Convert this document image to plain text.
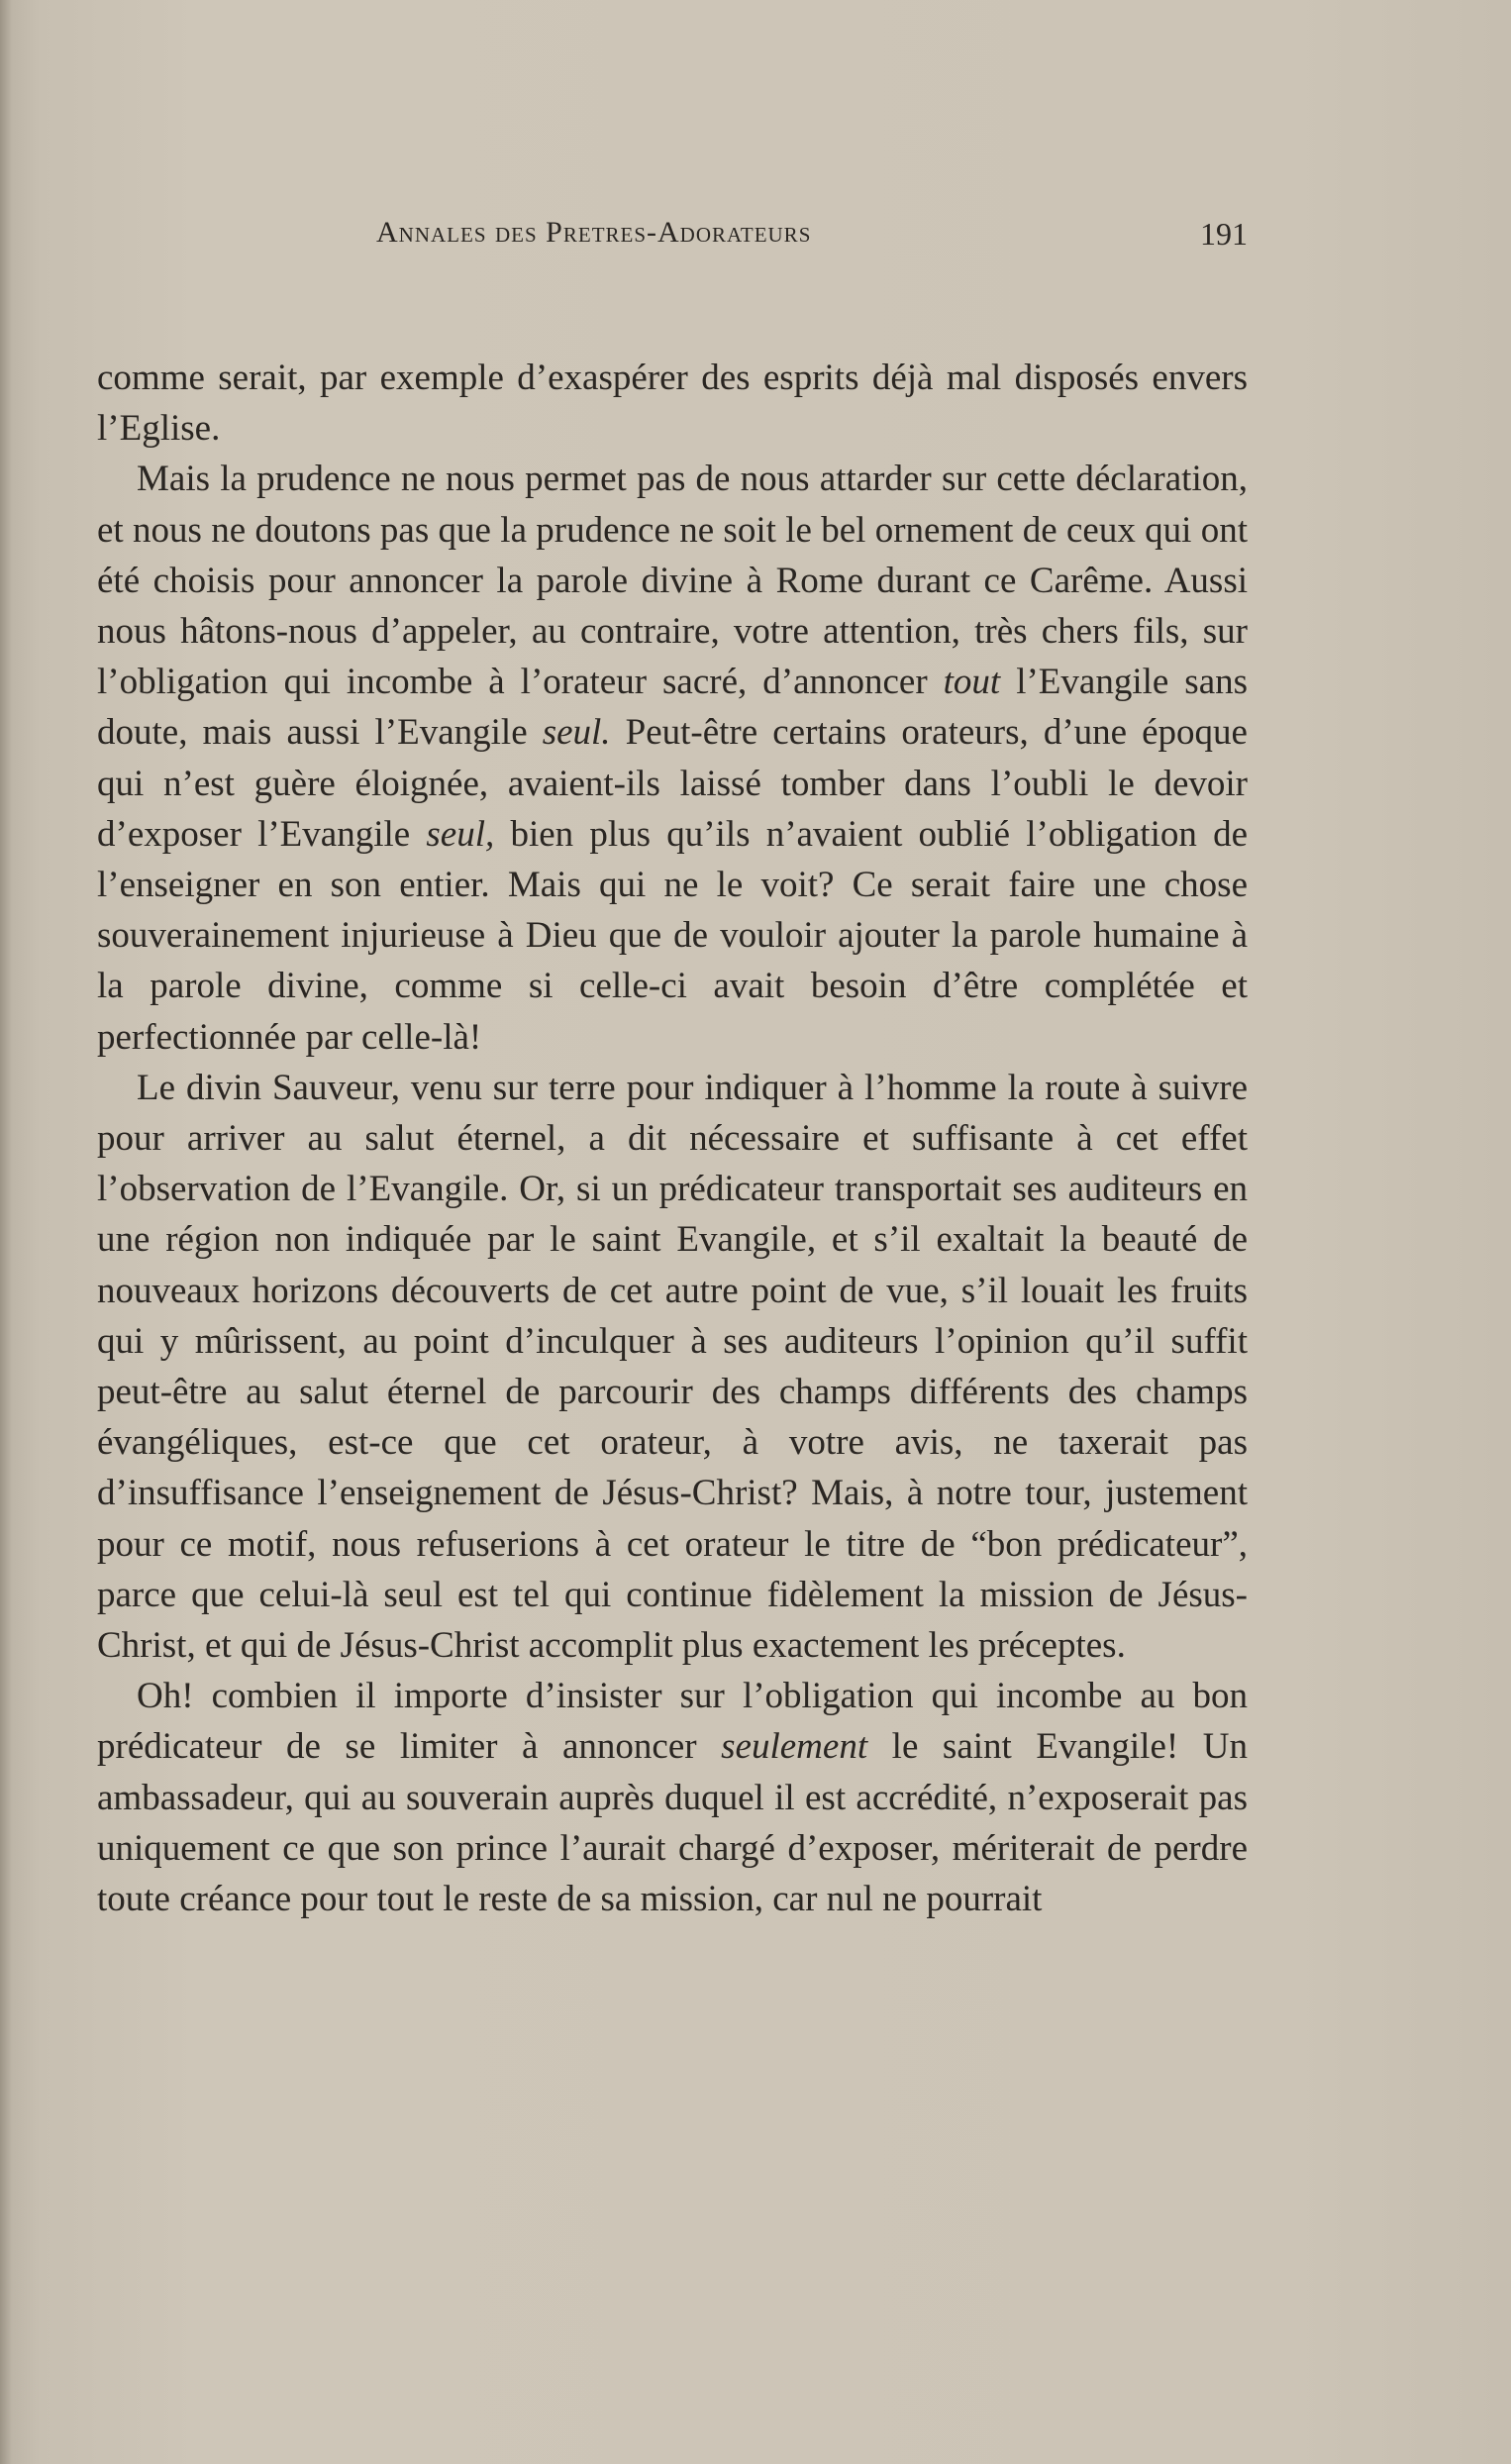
Annales des Pretres-Adorateurs	191

comme serait, par exemple d’exaspérer des esprits déjà mal disposés envers l’Eglise.

Mais la prudence ne nous permet pas de nous attarder sur cette déclaration, et nous ne doutons pas que la prudence ne soit le bel ornement de ceux qui ont été choisis pour annoncer la parole divine à Rome durant ce Carême. Aussi nous hâtons-nous d’appeler, au contraire, votre attention, très chers fils, sur l’obligation qui incombe à l’orateur sacré, d’annoncer tout l’Evangile sans doute, mais aussi l’Evangile seul. Peut-être certains orateurs, d’une époque qui n’est guère éloignée, avaient-ils laissé tomber dans l’oubli le devoir d’exposer l’Evangile seul, bien plus qu’ils n’avaient oublié l’obligation de l’enseigner en son entier. Mais qui ne le voit? Ce serait faire une chose souverainement injurieuse à Dieu que de vouloir ajouter la parole humaine à la parole divine, comme si celle-ci avait besoin d’être complétée et perfectionnée par celle-là!

Le divin Sauveur, venu sur terre pour indiquer à l’homme la route à suivre pour arriver au salut éternel, a dit nécessaire et suffisante à cet effet l’observation de l’Evangile. Or, si un prédicateur transportait ses auditeurs en une région non indiquée par le saint Evangile, et s’il exaltait la beauté de nouveaux horizons découverts de cet autre point de vue, s’il louait les fruits qui y mûrissent, au point d’inculquer à ses auditeurs l’opinion qu’il suffit peut-être au salut éternel de parcourir des champs différents des champs évangéliques, est-ce que cet orateur, à votre avis, ne taxerait pas d’insuffisance l’enseignement de Jésus-Christ? Mais, à notre tour, justement pour ce motif, nous refuserions à cet orateur le titre de “bon prédicateur”, parce que celui-là seul est tel qui continue fidèlement la mission de Jésus-Christ, et qui de Jésus-Christ accomplit plus exactement les préceptes.

Oh! combien il importe d’insister sur l’obligation qui incombe au bon prédicateur de se limiter à annoncer seulement le saint Evangile! Un ambassadeur, qui au souverain auprès duquel il est accrédité, n’exposerait pas uniquement ce que son prince l’aurait chargé d’exposer, mériterait de perdre toute créance pour tout le reste de sa mission, car nul ne pourrait
